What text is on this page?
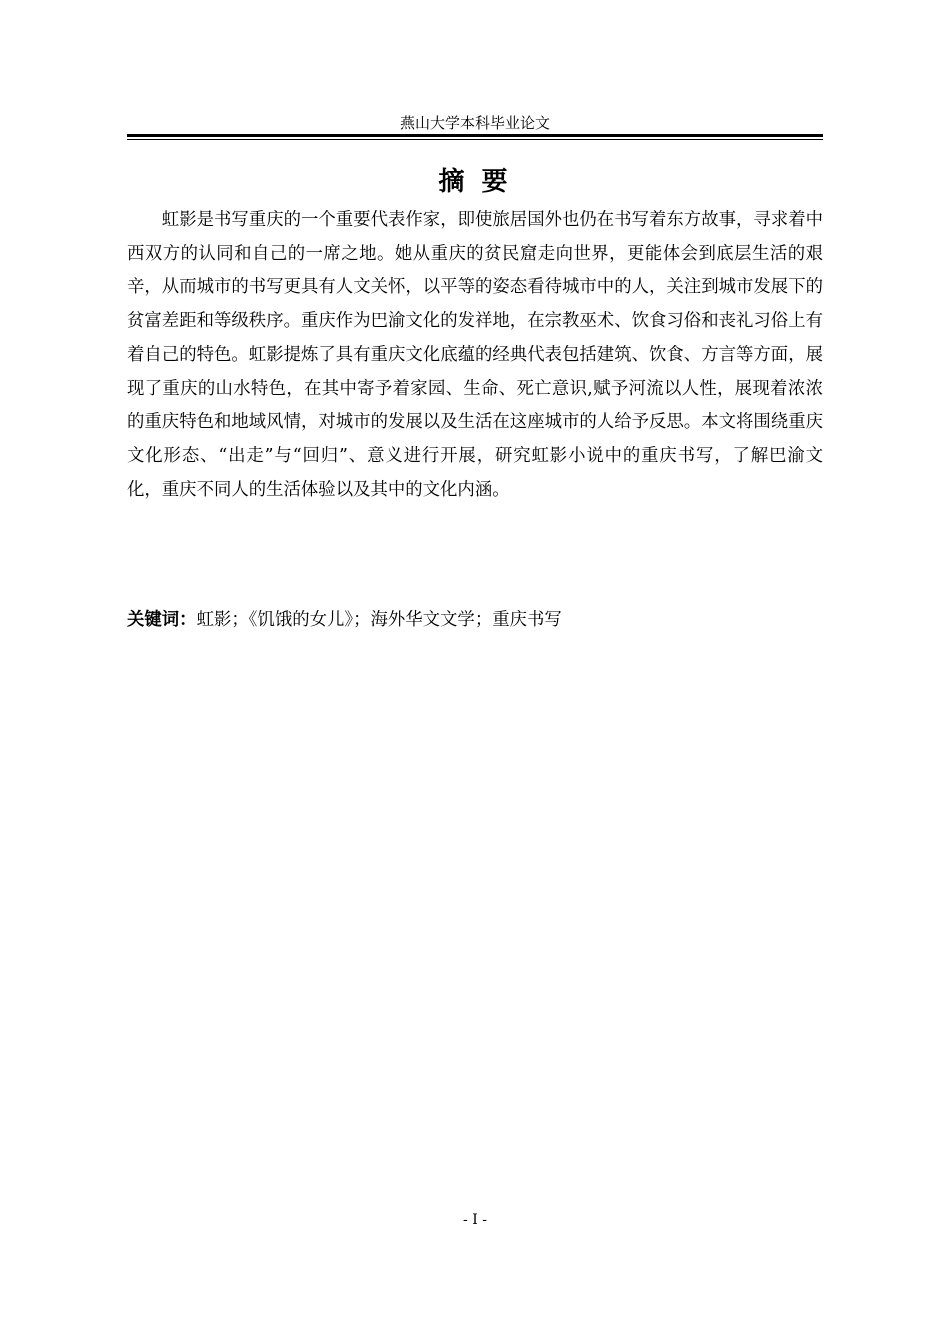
燕山大学本科毕业论文
摘 要

虹影是书写重庆的一个重要代表作家，即使旅居国外也仍在书写着东方故事，寻求着中西双方的认同和自己的一席之地。她从重庆的贫民窟走向世界，更能体会到底层生活的艰辛，从而城市的书写更具有人文关怀，以平等的姿态看待城市中的人，关注到城市发展下的贫富差距和等级秩序。重庆作为巴渝文化的发祥地，在宗教巫术、饮食习俗和丧礼习俗上有着自己的特色。虹影提炼了具有重庆文化底蕴的经典代表包括建筑、饮食、方言等方面，展现了重庆的山水特色，在其中寄予着家园、生命、死亡意识,赋予河流以人性，展现着浓浓的重庆特色和地域风情，对城市的发展以及生活在这座城市的人给予反思。本文将围绕重庆文化形态、“出走”与“回归”、意义进行开展，研究虹影小说中的重庆书写，了解巴渝文化，重庆不同人的生活体验以及其中的文化内涵。

关键词：虹影；《饥饿的女儿》；海外华文文学；重庆书写
- I -
